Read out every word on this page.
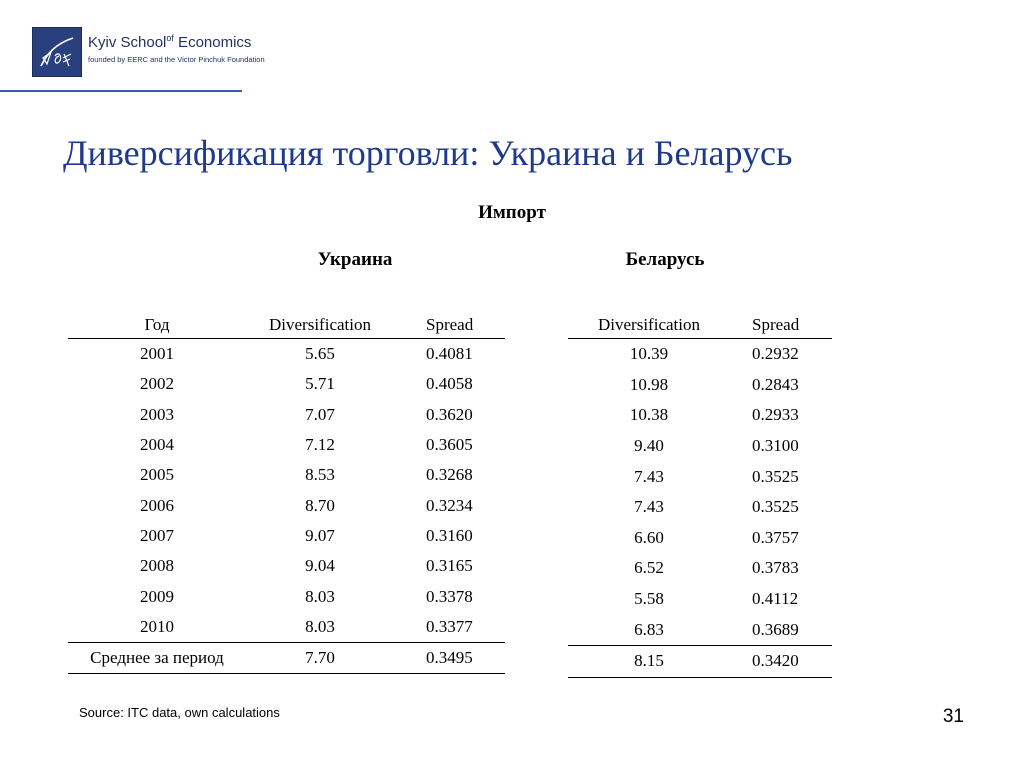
Kyiv School$^{of}$ Economics
founded by EERC and the Victor Pinchuk Foundation
Диверсификация торговли: Украина и Беларусь
Импорт
Украина	Беларусь
Год	Diversification	Spread
2001	5.65	0.4081
2002	5.71	0.4058
2003	7.07	0.3620
2004	7.12	0.3605
2005	8.53	0.3268
2006	8.70	0.3234
2007	9.07	0.3160
2008	9.04	0.3165
2009	8.03	0.3378
2010	8.03	0.3377
Среднее за период	7.70	0.3495
Diversification	Spread
10.39	0.2932
10.98	0.2843
10.38	0.2933
9.40	0.3100
7.43	0.3525
7.43	0.3525
6.60	0.3757
6.52	0.3783
5.58	0.4112
6.83	0.3689
8.15	0.3420
Source: ITC data, own calculations	31
